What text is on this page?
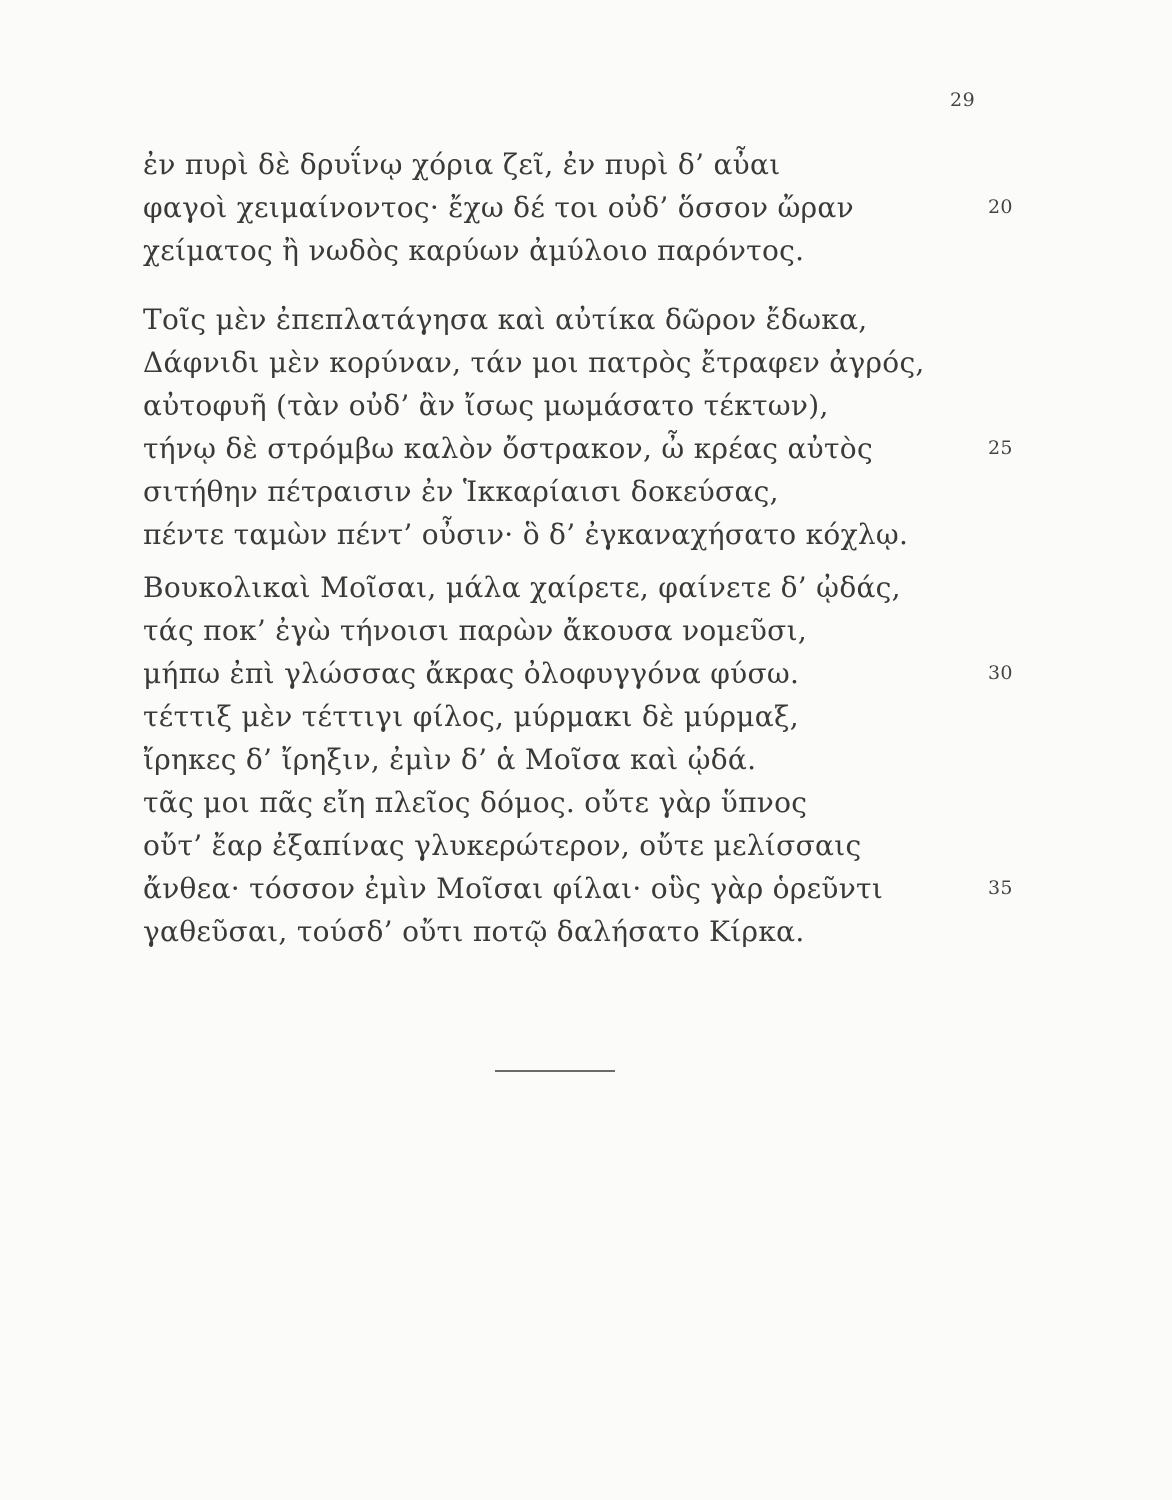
29
ἐν πυρὶ δὲ δρυΐνῳ χόρια ζεῖ, ἐν πυρὶ δ’ αὖαι
φαγοὶ χειμαίνοντος· ἔχω δέ τοι οὐδ’ ὅσσον ὤραν	20
χείματος ἢ νωδὸς καρύων ἀμύλοιο παρόντος.
Τοῖς μὲν ἐπεπλατάγησα καὶ αὐτίκα δῶρον ἔδωκα,
Δάφνιδι μὲν κορύναν, τάν μοι πατρὸς ἔτραφεν ἀγρός,
αὐτοφυῆ (τὰν οὐδ’ ἂν ἴσως μωμάσατο τέκτων),
τήνῳ δὲ στρόμβω καλὸν ὄστρακον, ὦ κρέας αὐτὸς	25
σιτήθην πέτραισιν ἐν Ἱκκαρίαισι δοκεύσας,
πέντε ταμὼν πέντ’ οὖσιν· ὃ δ’ ἐγκαναχήσατο κόχλῳ.
Βουκολικαὶ Μοῖσαι, μάλα χαίρετε, φαίνετε δ’ ᾠδάς,
τάς ποκ’ ἐγὼ τήνοισι παρὼν ἄκουσα νομεῦσι,
μήπω ἐπὶ γλώσσας ἄκρας ὀλοφυγγόνα φύσω.	30
τέττιξ μὲν τέττιγι φίλος, μύρμακι δὲ μύρμαξ,
ἴρηκες δ’ ἴρηξιν, ἐμὶν δ’ ἁ Μοῖσα καὶ ᾠδά.
τᾶς μοι πᾶς εἴη πλεῖος δόμος. οὔτε γὰρ ὕπνος
οὔτ’ ἔαρ ἐξαπίνας γλυκερώτερον, οὔτε μελίσσαις
ἄνθεα· τόσσον ἐμὶν Μοῖσαι φίλαι· οὓς γὰρ ὁρεῦντι	35
γαθεῦσαι, τούσδ’ οὔτι ποτῷ δαλήσατο Κίρκα.
